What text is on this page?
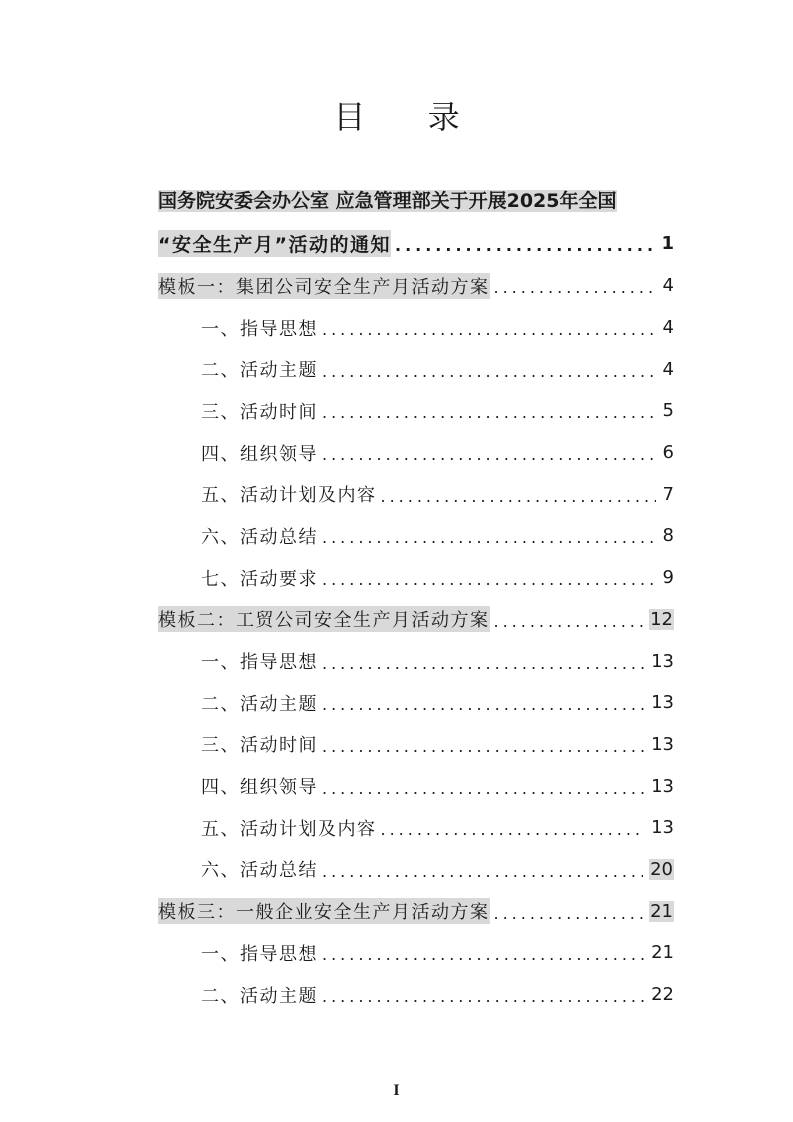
目 录
国务院安委会办公室 应急管理部关于开展2025年全国
“安全生产月”活动的通知 .....	1
模板一：集团公司安全生产月活动方案 .....	4
一、指导思想 .....	4
二、活动主题 .....	4
三、活动时间 .....	5
四、组织领导 .....	6
五、活动计划及内容 .....	7
六、活动总结 .....	8
七、活动要求 .....	9
模板二：工贸公司安全生产月活动方案 .....	12
一、指导思想 .....	13
二、活动主题 .....	13
三、活动时间 .....	13
四、组织领导 .....	13
五、活动计划及内容 .....	13
六、活动总结 .....	20
模板三：一般企业安全生产月活动方案 .....	21
一、指导思想 .....	21
二、活动主题 .....	22
I
